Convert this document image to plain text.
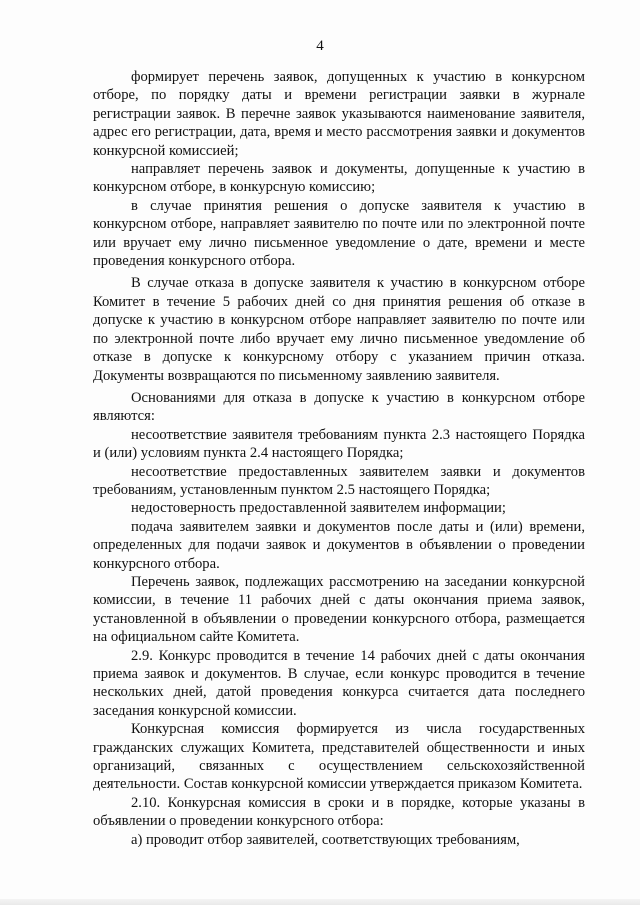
4

формирует перечень заявок, допущенных к участию в конкурсном отборе, по порядку даты и времени регистрации заявки в журнале регистрации заявок. В перечне заявок указываются наименование заявителя, адрес его регистрации, дата, время и место рассмотрения заявки и документов конкурсной комиссией;

направляет перечень заявок и документы, допущенные к участию в конкурсном отборе, в конкурсную комиссию;

в случае принятия решения о допуске заявителя к участию в конкурсном отборе, направляет заявителю по почте или по электронной почте или вручает ему лично письменное уведомление о дате, времени и месте проведения конкурсного отбора.

В случае отказа в допуске заявителя к участию в конкурсном отборе Комитет в течение 5 рабочих дней со дня принятия решения об отказе в допуске к участию в конкурсном отборе направляет заявителю по почте или по электронной почте либо вручает ему лично письменное уведомление об отказе в допуске к конкурсному отбору с указанием причин отказа. Документы возвращаются по письменному заявлению заявителя.

Основаниями для отказа в допуске к участию в конкурсном отборе являются:

несоответствие заявителя требованиям пункта 2.3 настоящего Порядка и (или) условиям пункта 2.4 настоящего Порядка;

несоответствие предоставленных заявителем заявки и документов требованиям, установленным пунктом 2.5 настоящего Порядка;

недостоверность предоставленной заявителем информации;

подача заявителем заявки и документов после даты и (или) времени, определенных для подачи заявок и документов в объявлении о проведении конкурсного отбора.

Перечень заявок, подлежащих рассмотрению на заседании конкурсной комиссии, в течение 11 рабочих дней с даты окончания приема заявок, установленной в объявлении о проведении конкурсного отбора, размещается на официальном сайте Комитета.

2.9. Конкурс проводится в течение 14 рабочих дней с даты окончания приема заявок и документов. В случае, если конкурс проводится в течение нескольких дней, датой проведения конкурса считается дата последнего заседания конкурсной комиссии.

Конкурсная комиссия формируется из числа государственных гражданских служащих Комитета, представителей общественности и иных организаций, связанных с осуществлением сельскохозяйственной деятельности. Состав конкурсной комиссии утверждается приказом Комитета.

2.10. Конкурсная комиссия в сроки и в порядке, которые указаны в объявлении о проведении конкурсного отбора:

а) проводит отбор заявителей, соответствующих требованиям,
